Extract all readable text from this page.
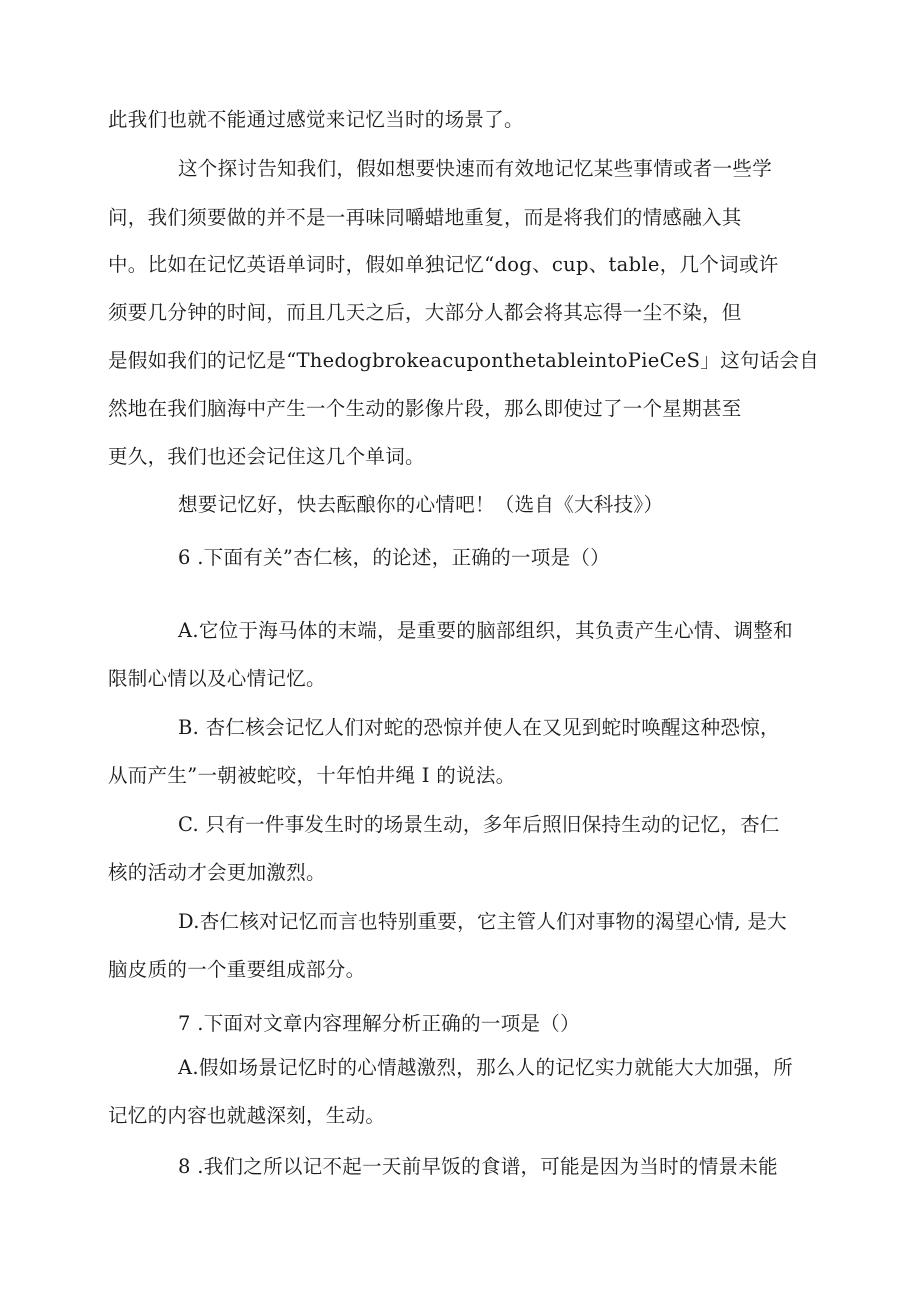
此我们也就不能通过感觉来记忆当时的场景了。
这个探讨告知我们，假如想要快速而有效地记忆某些事情或者一些学
问，我们须要做的并不是一再味同嚼蜡地重复，而是将我们的情感融入其
中。比如在记忆英语单词时，假如单独记忆“dog、cup、table，几个词或许
须要几分钟的时间，而且几天之后，大部分人都会将其忘得一尘不染，但
是假如我们的记忆是“ThedogbrokeacuponthetableintoPieCeS」这句话会自
然地在我们脑海中产生一个生动的影像片段，那么即使过了一个星期甚至
更久，我们也还会记住这几个单词。
想要记忆好，快去酝酿你的心情吧！（选自《大科技》）
6 .下面有关”杏仁核，的论述，正确的一项是（）
A.它位于海马体的末端，是重要的脑部组织，其负责产生心情、调整和
限制心情以及心情记忆。
B. 杏仁核会记忆人们对蛇的恐惊并使人在又见到蛇时唤醒这种恐惊，
从而产生”一朝被蛇咬，十年怕井绳 I 的说法。
C. 只有一件事发生时的场景生动，多年后照旧保持生动的记忆，杏仁
核的活动才会更加激烈。
D.杏仁核对记忆而言也特别重要，它主管人们对事物的渴望心情, 是大
脑皮质的一个重要组成部分。
7 .下面对文章内容理解分析正确的一项是（）
A.假如场景记忆时的心情越激烈，那么人的记忆实力就能大大加强，所
记忆的内容也就越深刻，生动。
8 .我们之所以记不起一天前早饭的食谱，可能是因为当时的情景未能
